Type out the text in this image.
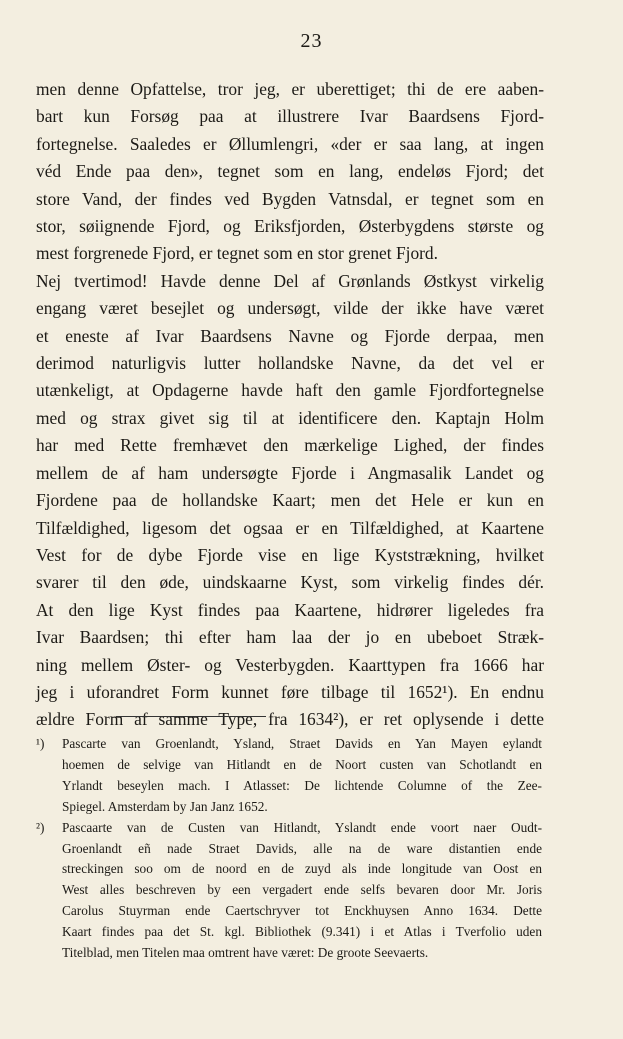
23
men denne Opfattelse, tror jeg, er uberettiget; thi de ere aaben-
bart kun Forsøg paa at illustrere Ivar Baardsens Fjord-
fortegnelse. Saaledes er Øllumlengri, «der er saa lang, at ingen
véd Ende paa den», tegnet som en lang, endeløs Fjord; det
store Vand, der findes ved Bygden Vatnsdal, er tegnet som en
stor, søiignende Fjord, og Eriksfjorden, Østerbygdens største og
mest forgrenede Fjord, er tegnet som en stor grenet Fjord.
Nej tvertimod! Havde denne Del af Grønlands Østkyst virkelig
engang været besejlet og undersøgt, vilde der ikke have været
et eneste af Ivar Baardsens Navne og Fjorde derpaa, men
derimod naturligvis lutter hollandske Navne, da det vel er
utænkeligt, at Opdagerne havde haft den gamle Fjordfortegnelse
med og strax givet sig til at identificere den. Kaptajn Holm
har med Rette fremhævet den mærkelige Lighed, der findes
mellem de af ham undersøgte Fjorde i Angmasalik Landet og
Fjordene paa de hollandske Kaart; men det Hele er kun en
Tilfældighed, ligesom det ogsaa er en Tilfældighed, at Kaartene
Vest for de dybe Fjorde vise en lige Kyststrækning, hvilket
svarer til den øde, uindskaarne Kyst, som virkelig findes dér.
At den lige Kyst findes paa Kaartene, hidrører ligeledes fra
Ivar Baardsen; thi efter ham laa der jo en ubeboet Stræk-
ning mellem Øster- og Vesterbygden. Kaarttypen fra 1666 har
jeg i uforandret Form kunnet føre tilbage til 1652¹). En endnu
ældre Form af samme Type, fra 1634²), er ret oplysende i dette
¹)	Pascarte van Groenlandt, Ysland, Straet Davids en Yan Mayen eylandt
hoemen de selvige van Hitlandt en de Noort custen van Schotlandt en
Yrlandt beseylen mach. I Atlasset: De lichtende Columne of the Zee-
Spiegel. Amsterdam by Jan Janz 1652.
²)	Pascaarte van de Custen van Hitlandt, Yslandt ende voort naer Oudt-
Groenlandt eñ nade Straet Davids, alle na de ware distantien ende
streckingen soo om de noord en de zuyd als inde longitude van Oost en
West alles beschreven by een vergadert ende selfs bevaren door Mr. Joris
Carolus Stuyrman ende Caertschryver tot Enckhuysen Anno 1634. Dette
Kaart findes paa det St. kgl. Bibliothek (9.341) i et Atlas i Tverfolio uden
Titelblad, men Titelen maa omtrent have været: De groote Seevaerts.
